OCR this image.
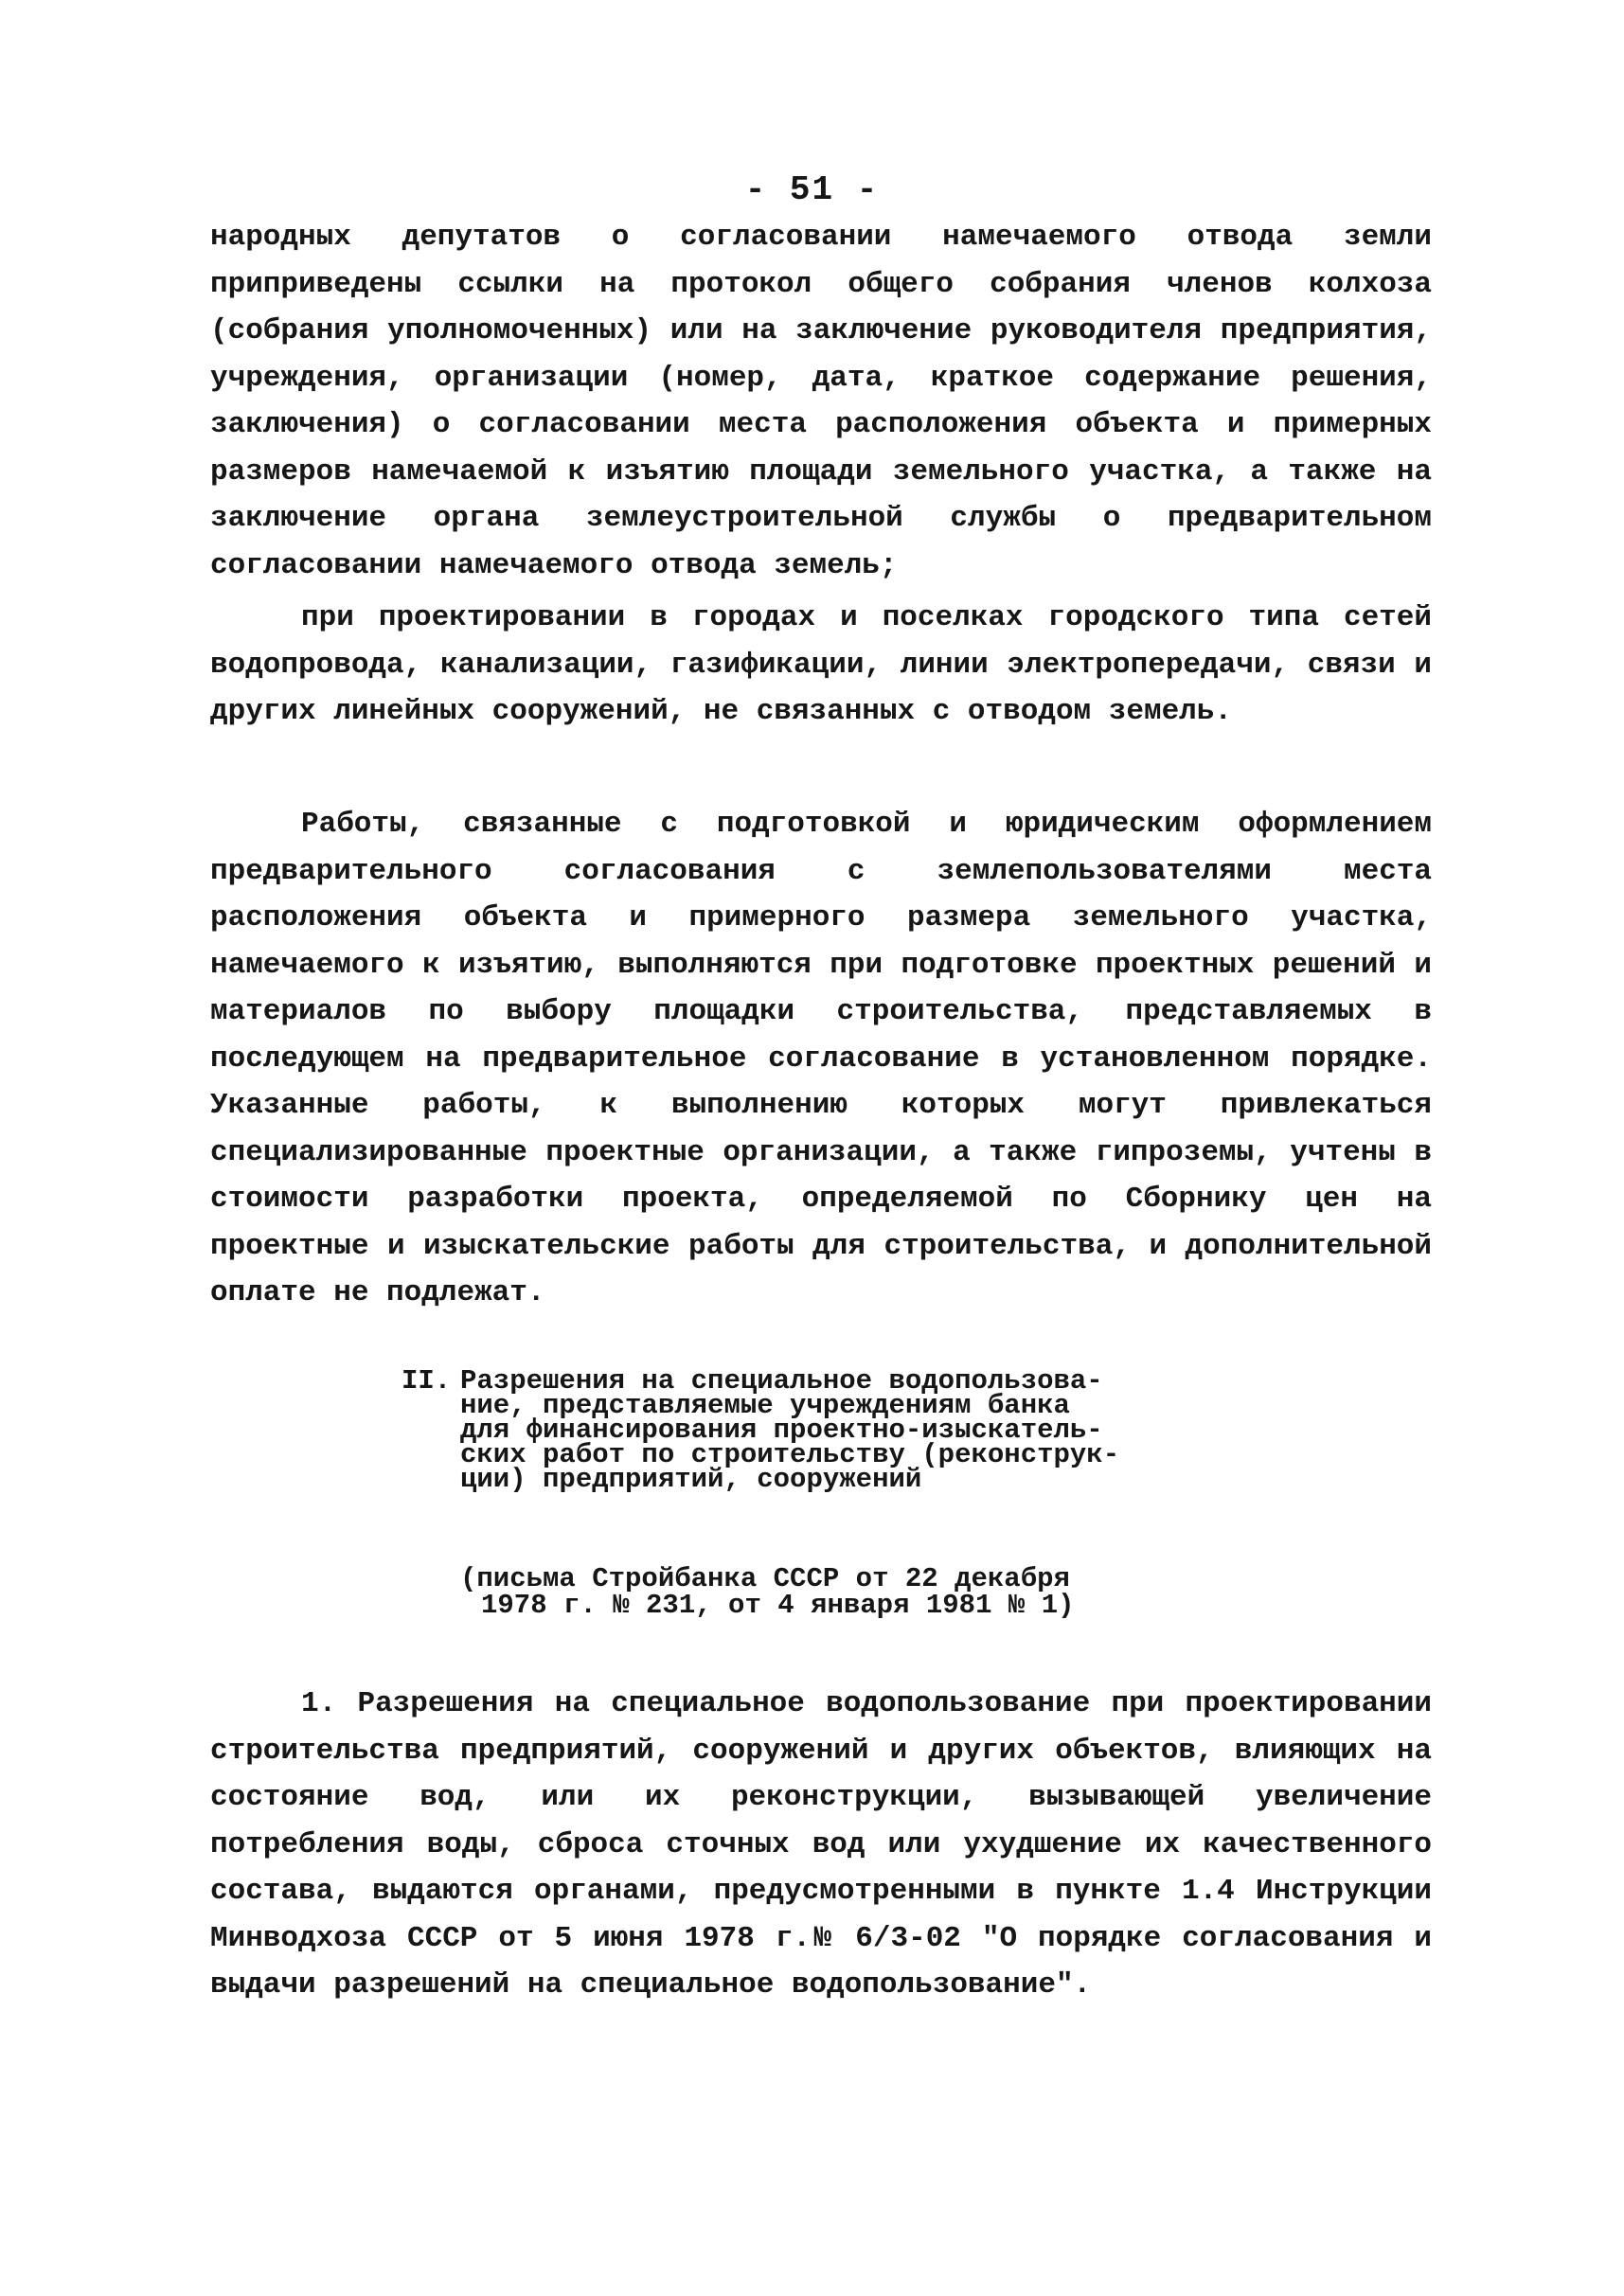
- 51 -

народных депутатов о согласовании намечаемого отвода земли приприведены ссылки на протокол общего собрания членов колхоза (собрания уполномоченных) или на заключение руководителя предприятия, учреждения, организации (номер, дата, краткое содержание решения, заключения) о согласовании места расположения объекта и примерных размеров намечаемой к изъятию площади земельного участка, а также на заключение органа землеустроительной службы о предварительном согласовании намечаемого отвода земель;

при проектировании в городах и поселках городского типа сетей водопровода, канализации, газификации, линии электропередачи, связи и других линейных сооружений, не связанных с отводом земель.

Работы, связанные с подготовкой и юридическим оформлением предварительного согласования с землепользователями места расположения объекта и примерного размера земельного участка, намечаемого к изъятию, выполняются при подготовке проектных решений и материалов по выбору площадки строительства, представляемых в последующем на предварительное согласование в установленном порядке. Указанные работы, к выполнению которых могут привлекаться специализированные проектные организации, а также гипроземы, учтены в стоимости разработки проекта, определяемой по Сборнику цен на проектные и изыскательские работы для строительства, и дополнительной оплате не подлежат.

II. Разрешения на специальное водопользова-
ние, представляемые учреждениям банка
для финансирования проектно-изыскатель-
ских работ по строительству (реконструк-
ции) предприятий, сооружений
(письма Стройбанка СССР от 22 декабря
1978 г. № 231, от 4 января 1981 № 1)

1. Разрешения на специальное водопользование при проектировании строительства предприятий, сооружений и других объектов, влияющих на состояние вод, или их реконструкции, вызывающей увеличение потребления воды, сброса сточных вод или ухудшение их качественного состава, выдаются органами, предусмотренными в пункте 1.4 Инструкции Минводхоза СССР от 5 июня 1978 г.№ 6/3-02 "О порядке согласования и выдачи разрешений на специальное водопользование".
